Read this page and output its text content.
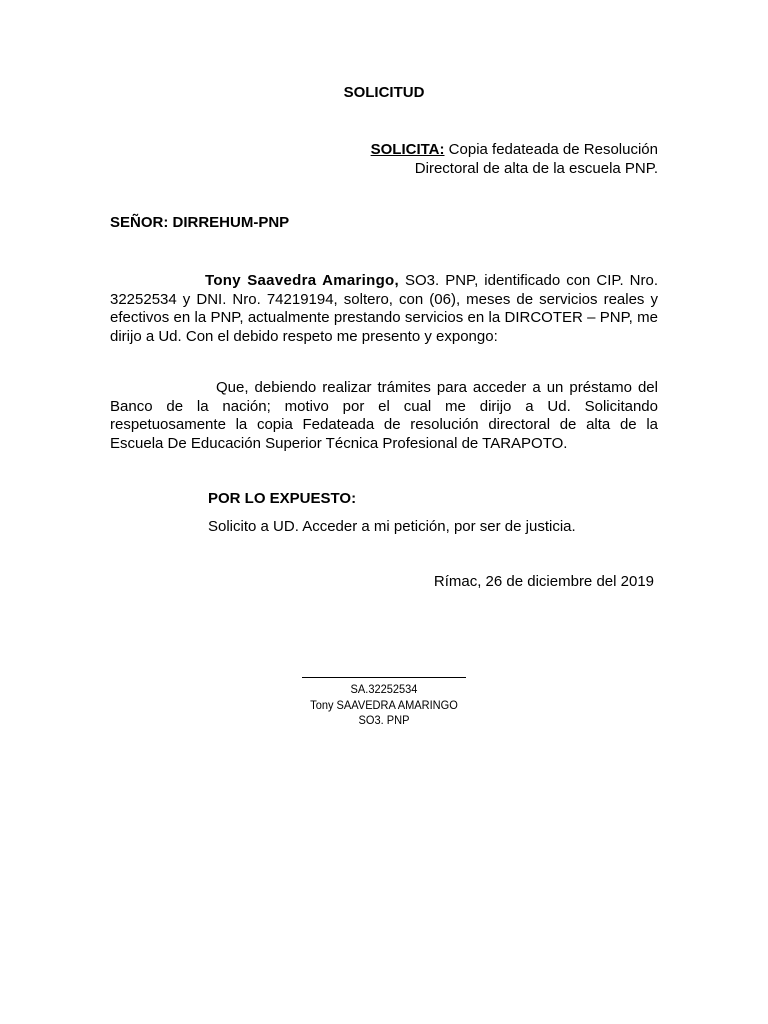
SOLICITUD
SOLICITA: Copia fedateada de Resolución Directoral de alta de la escuela PNP.
SEÑOR: DIRREHUM-PNP

Tony Saavedra Amaringo, SO3. PNP, identificado con CIP. Nro. 32252534 y DNI. Nro. 74219194, soltero, con (06), meses de servicios reales y efectivos en la PNP, actualmente prestando servicios en la DIRCOTER – PNP, me dirijo a Ud. Con el debido respeto me presento y expongo:

Que, debiendo realizar trámites para acceder a un préstamo del Banco de la nación; motivo por el cual me dirijo a Ud. Solicitando respetuosamente la copia Fedateada de resolución directoral de alta de la Escuela De Educación Superior Técnica Profesional de TARAPOTO.

POR LO EXPUESTO:
Solicito a UD. Acceder a mi petición, por ser de justicia.
Rímac, 26 de diciembre del 2019
SA.32252534
Tony SAAVEDRA AMARINGO
SO3. PNP
